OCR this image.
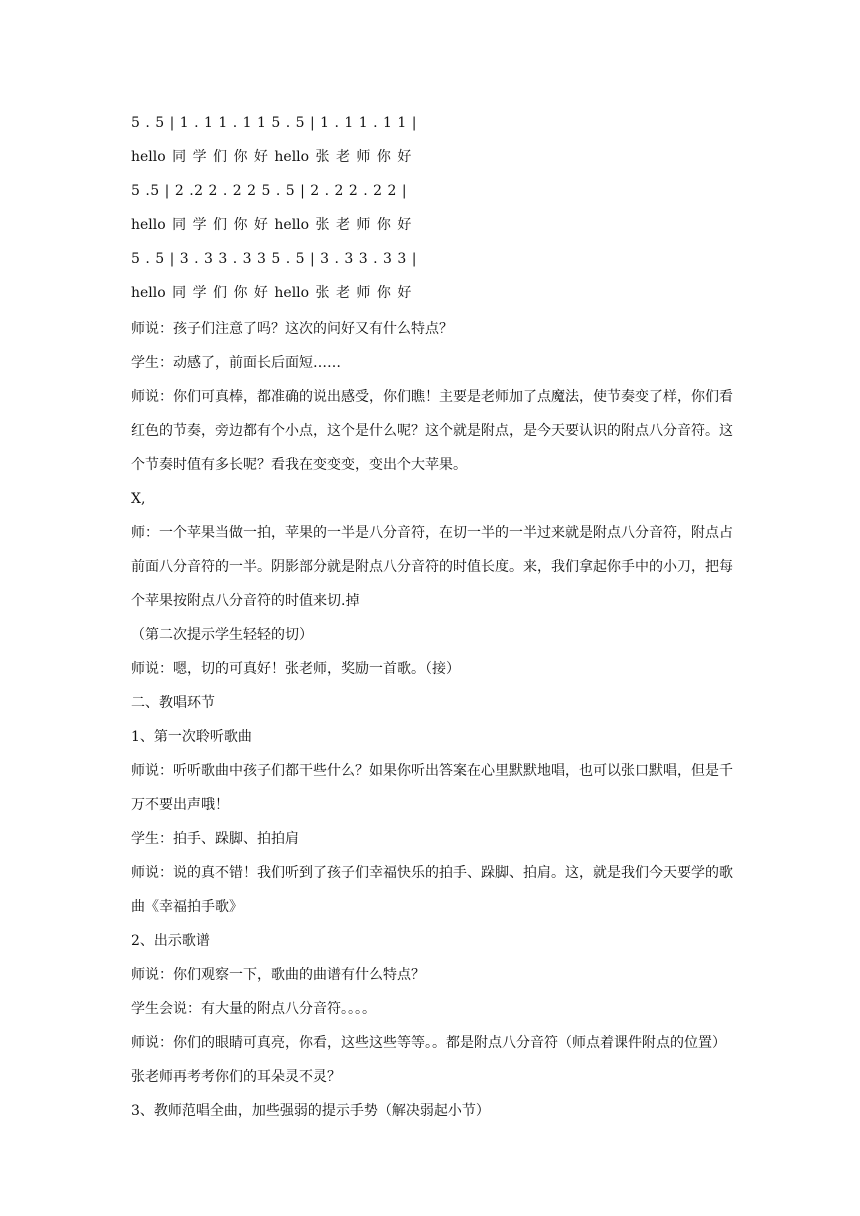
5 . 5 | 1 . 1 1 . 1 1 5 . 5 | 1 . 1 1 . 1 1 |
hello 同 学 们 你 好 hello 张 老 师 你 好
5 .5 | 2 .2 2 . 2 2 5 . 5 | 2 . 2 2 . 2 2 |
hello 同 学 们 你 好 hello 张 老 师 你 好
5 . 5 | 3 . 3 3 . 3 3 5 . 5 | 3 . 3 3 . 3 3 |
hello 同 学 们 你 好 hello 张 老 师 你 好
师说：孩子们注意了吗？这次的问好又有什么特点？
学生：动感了，前面长后面短……
师说：你们可真棒，都准确的说出感受，你们瞧！主要是老师加了点魔法，使节奏变了样，你们看红色的节奏，旁边都有个小点，这个是什么呢？这个就是附点，是今天要认识的附点八分音符。这个节奏时值有多长呢？看我在变变变，变出个大苹果。
X,
师：一个苹果当做一拍，苹果的一半是八分音符，在切一半的一半过来就是附点八分音符，附点占前面八分音符的一半。阴影部分就是附点八分音符的时值长度。来，我们拿起你手中的小刀，把每个苹果按附点八分音符的时值来切.掉
（第二次提示学生轻轻的切）
师说：嗯，切的可真好！张老师，奖励一首歌。（接）
二、教唱环节
1、第一次聆听歌曲
师说：听听歌曲中孩子们都干些什么？如果你听出答案在心里默默地唱，也可以张口默唱，但是千万不要出声哦！
学生：拍手、跺脚、拍拍肩
师说：说的真不错！我们听到了孩子们幸福快乐的拍手、跺脚、拍肩。这，就是我们今天要学的歌曲《幸福拍手歌》
2、出示歌谱
师说：你们观察一下，歌曲的曲谱有什么特点？
学生会说：有大量的附点八分音符。。。。
师说：你们的眼睛可真亮，你看，这些这些等等。。都是附点八分音符（师点着课件附点的位置）张老师再考考你们的耳朵灵不灵？
3、教师范唱全曲，加些强弱的提示手势（解决弱起小节）
